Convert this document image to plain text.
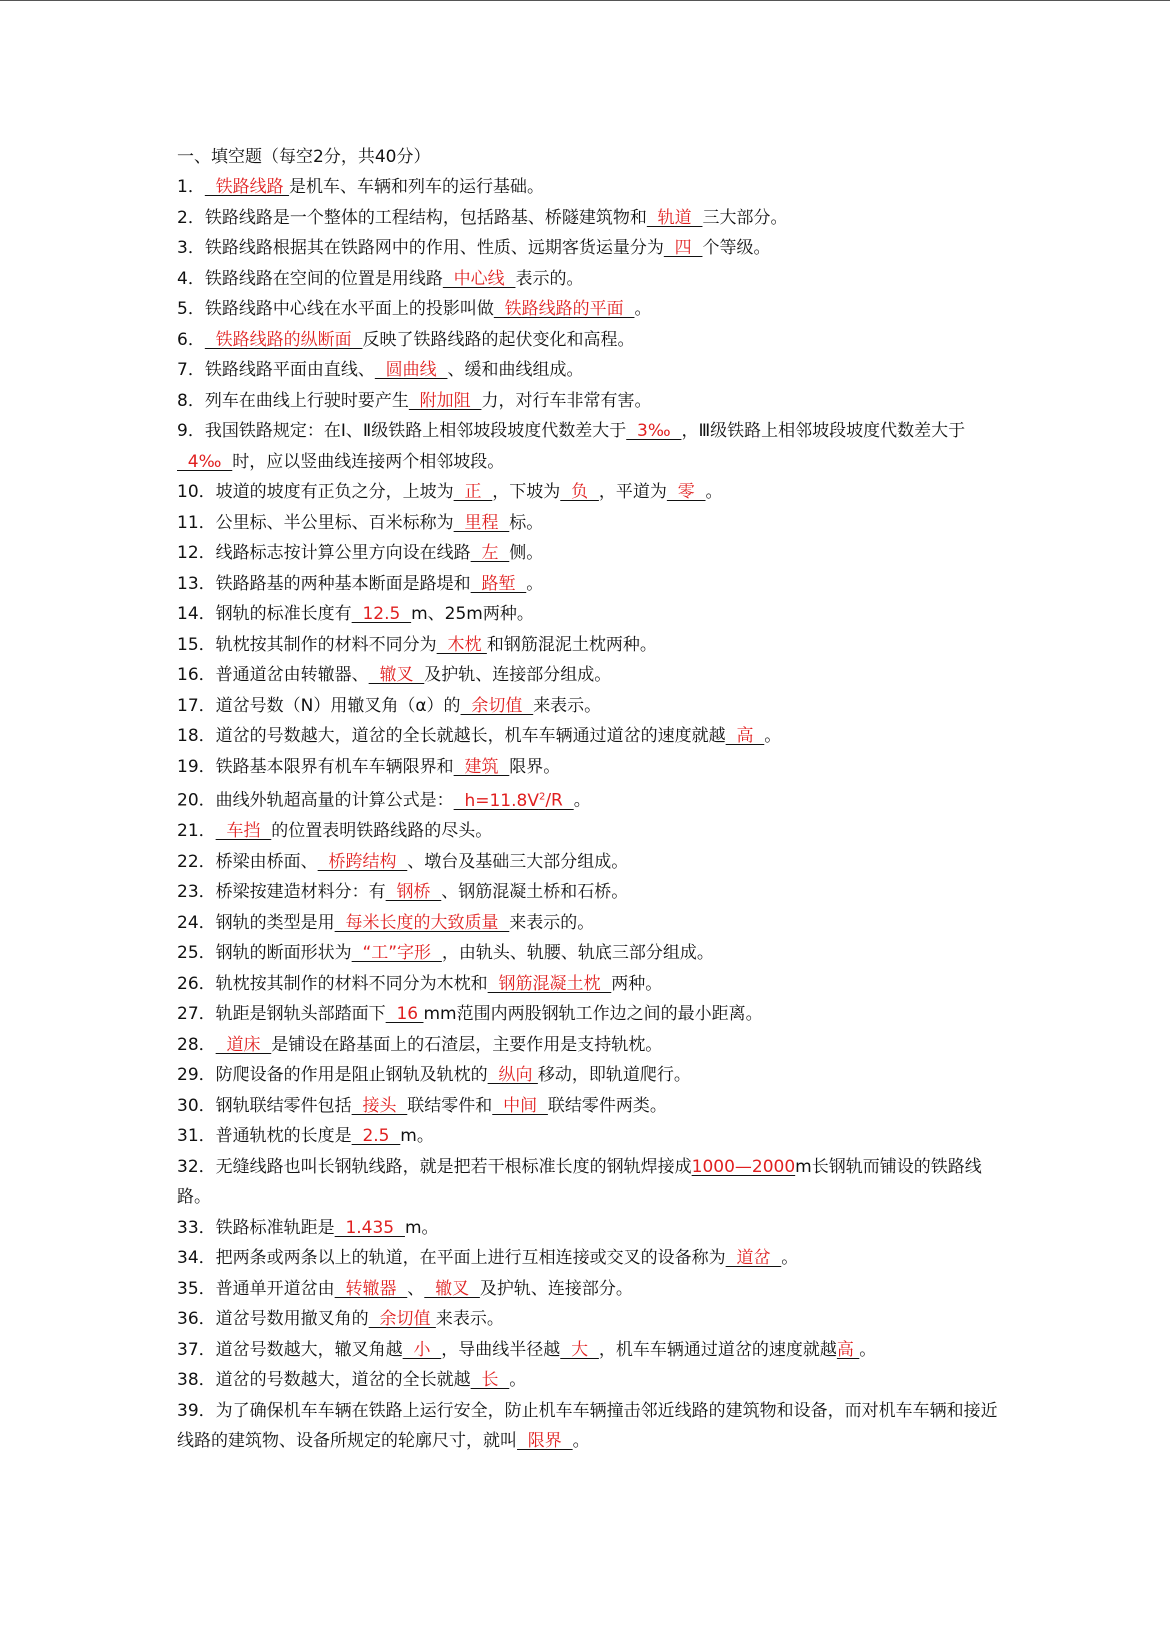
一、填空题（每空2分，共40分）
1．  铁路线路 是机车、车辆和列车的运行基础。
2．铁路线路是一个整体的工程结构，包括路基、桥隧建筑物和  轨道  三大部分。
3．铁路线路根据其在铁路网中的作用、性质、远期客货运量分为  四  个等级。
4．铁路线路在空间的位置是用线路  中心线  表示的。
5．铁路线路中心线在水平面上的投影叫做  铁路线路的平面  。
6．  铁路线路的纵断面  反映了铁路线路的起伏变化和高程。
7．铁路线路平面由直线、  圆曲线  、缓和曲线组成。
8．列车在曲线上行驶时要产生  附加阻  力，对行车非常有害。
9．我国铁路规定：在Ⅰ、Ⅱ级铁路上相邻坡段坡度代数差大于  3‰  ，Ⅲ级铁路上相邻坡段坡度代数差大于  4‰  时，应以竖曲线连接两个相邻坡段。
10．坡道的坡度有正负之分，上坡为  正  ，下坡为  负  ，平道为  零  。
11．公里标、半公里标、百米标称为  里程  标。
12．线路标志按计算公里方向设在线路  左  侧。
13．铁路路基的两种基本断面是路堤和  路堑  。
14．钢轨的标准长度有  12.5  m、25m两种。
15．轨枕按其制作的材料不同分为  木枕 和钢筋混泥土枕两种。
16．普通道岔由转辙器、  辙叉  及护轨、连接部分组成。
17．道岔号数（N）用辙叉角（α）的  余切值  来表示。
18．道岔的号数越大，道岔的全长就越长，机车车辆通过道岔的速度就越  高  。
19．铁路基本限界有机车车辆限界和  建筑  限界。
20．曲线外轨超高量的计算公式是：  $h=11.8V^2/R$  。
21．  车挡  的位置表明铁路线路的尽头。
22．桥梁由桥面、  桥跨结构  、墩台及基础三大部分组成。
23．桥梁按建造材料分：有  钢桥  、钢筋混凝土桥和石桥。
24．钢轨的类型是用  每米长度的大致质量  来表示的。
25．钢轨的断面形状为  “工”字形  ，由轨头、轨腰、轨底三部分组成。
26．轨枕按其制作的材料不同分为木枕和  钢筋混凝土枕  两种。
27．轨距是钢轨头部踏面下  16 mm范围内两股钢轨工作边之间的最小距离。
28．  道床  是铺设在路基面上的石渣层，主要作用是支持轨枕。
29．防爬设备的作用是阻止钢轨及轨枕的  纵向 移动，即轨道爬行。
30．钢轨联结零件包括  接头  联结零件和  中间  联结零件两类。
31．普通轨枕的长度是  2.5  m。
32．无缝线路也叫长钢轨线路，就是把若干根标准长度的钢轨焊接成1000—2000m长钢轨而铺设的铁路线路。
33．铁路标准轨距是  1.435  m。
34．把两条或两条以上的轨道，在平面上进行互相连接或交叉的设备称为  道岔  。
35．普通单开道岔由  转辙器  、  辙叉  及护轨、连接部分。
36．道岔号数用撤叉角的  余切值 来表示。
37．道岔号数越大，辙叉角越  小  ，导曲线半径越  大  ，机车车辆通过道岔的速度就越高 。
38．道岔的号数越大，道岔的全长就越  长  。
39．为了确保机车车辆在铁路上运行安全，防止机车车辆撞击邻近线路的建筑物和设备，而对机车车辆和接近线路的建筑物、设备所规定的轮廓尺寸，就叫  限界  。
